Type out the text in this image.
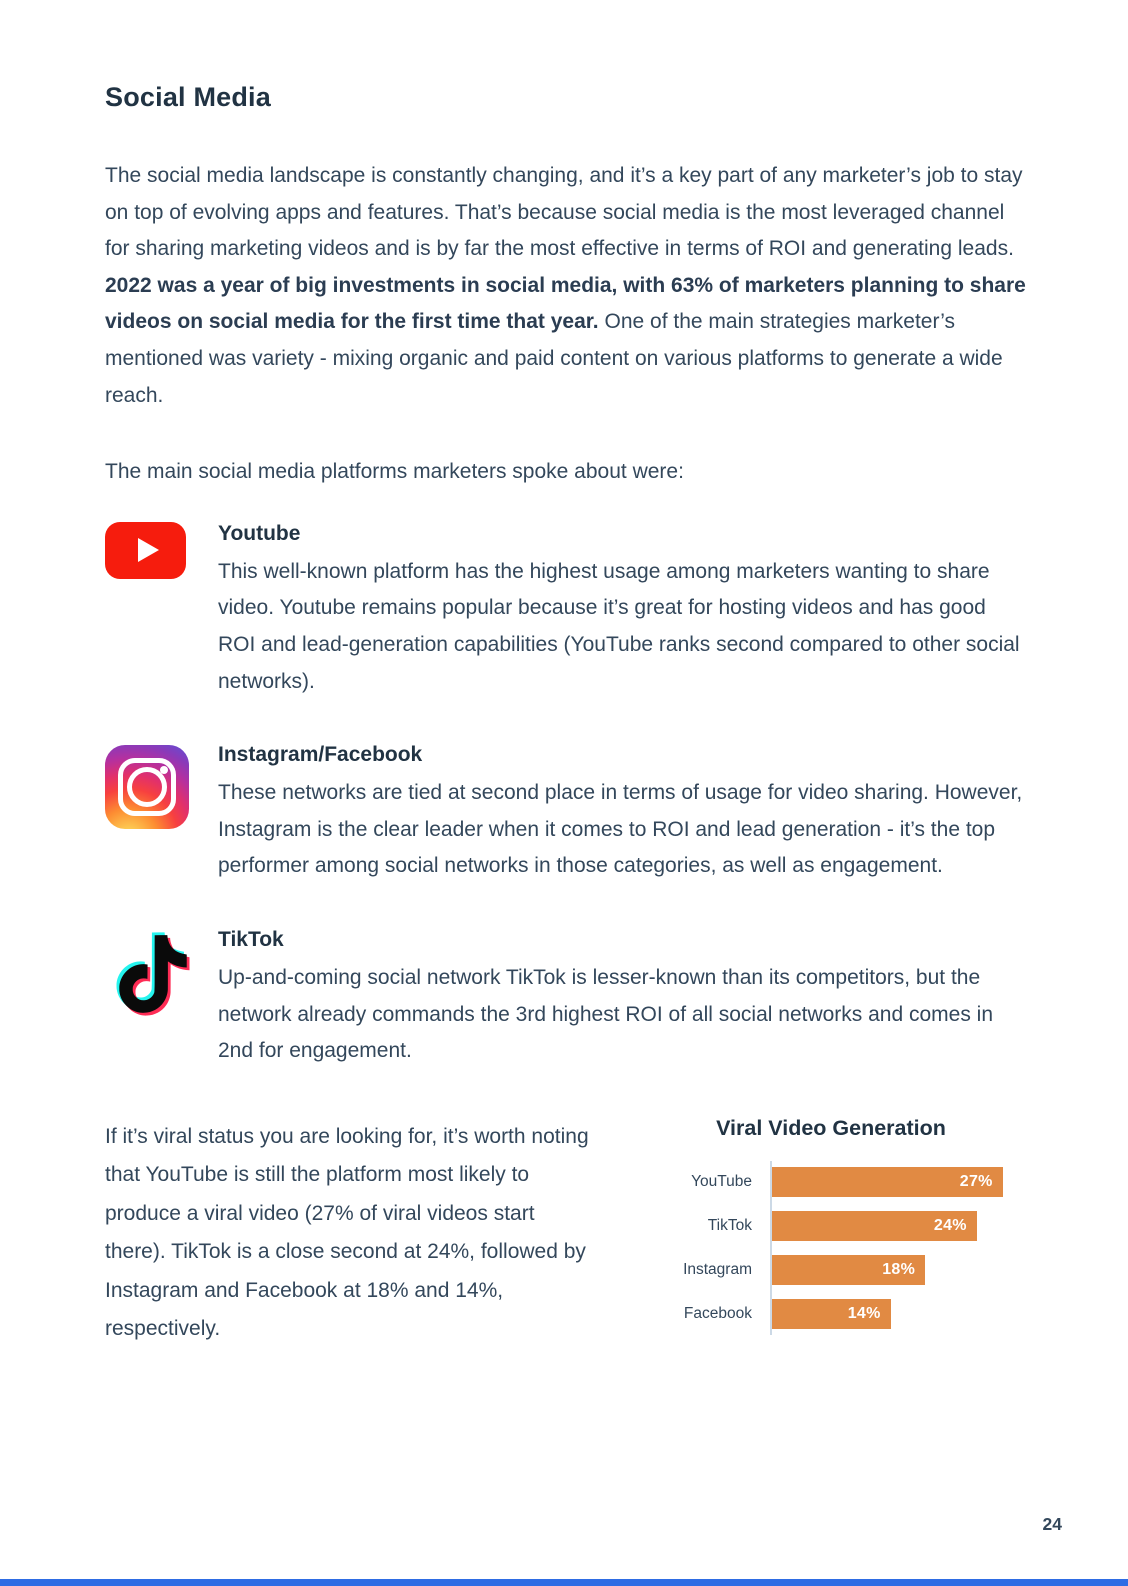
Social Media

The social media landscape is constantly changing, and it’s a key part of any marketer’s job to stay on top of evolving apps and features. That’s because social media is the most leveraged channel for sharing marketing videos and is by far the most effective in terms of ROI and generating leads. 2022 was a year of big investments in social media, with 63% of marketers planning to share videos on social media for the first time that year. One of the main strategies marketer’s mentioned was variety - mixing organic and paid content on various platforms to generate a wide reach.

The main social media platforms marketers spoke about were:

Youtube

This well-known platform has the highest usage among marketers wanting to share video. Youtube remains popular because it’s great for hosting videos and has good ROI and lead-generation capabilities (YouTube ranks second compared to other social networks).

Instagram/Facebook

These networks are tied at second place in terms of usage for video sharing. However, Instagram is the clear leader when it comes to ROI and lead generation - it’s the top performer among social networks in those categories, as well as engagement.

TikTok

Up-and-coming social network TikTok is lesser-known than its competitors, but the network already commands the 3rd highest ROI of all social networks and comes in 2nd for engagement.

If it’s viral status you are looking for, it’s worth noting that YouTube is still the platform most likely to produce a viral video (27% of viral videos start there). TikTok is a close second at 24%, followed by Instagram and Facebook at 18% and 14%, respectively.

Viral Video Generation
YouTube	27%
TikTok	24%
Instagram	18%
Facebook	14%
24
